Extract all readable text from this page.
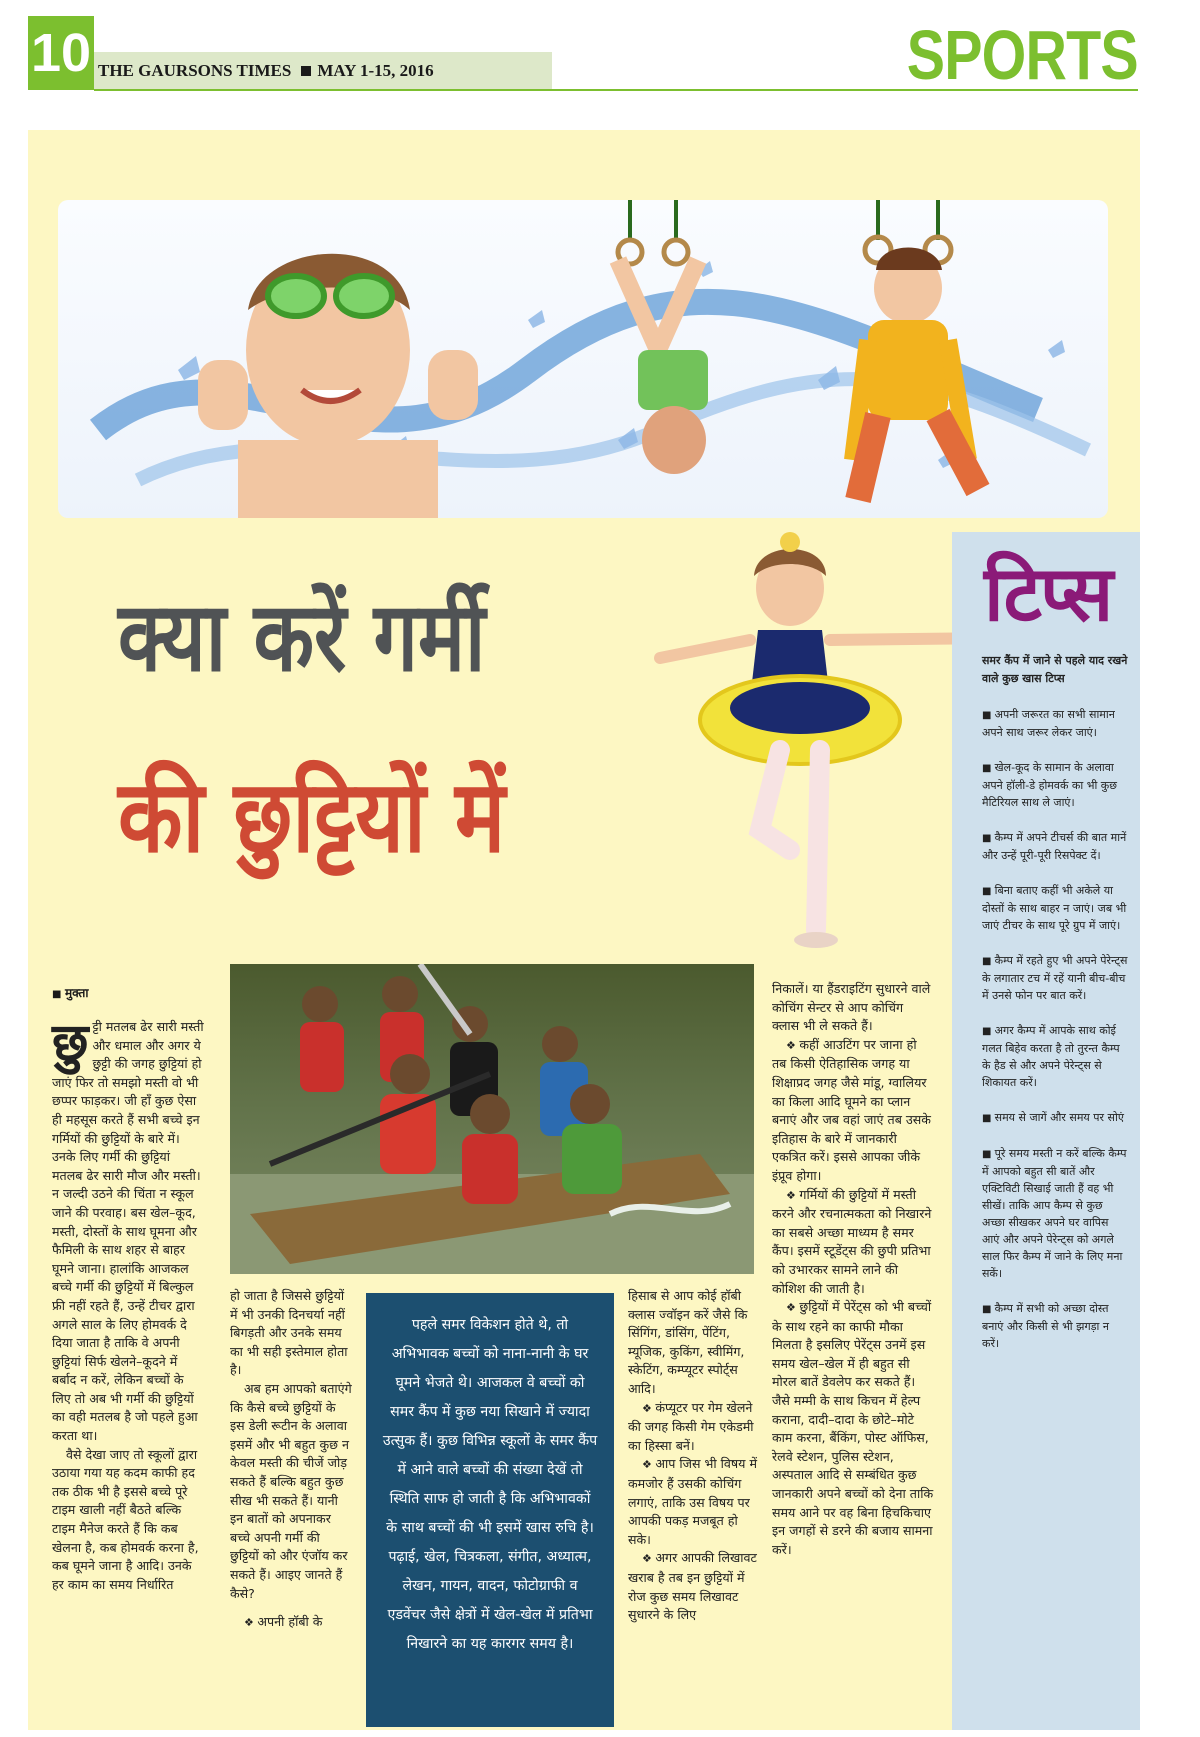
10 THE GAURSONS TIMES MAY 1-15, 2016	SPORTS
क्या करें गर्मी
की छुट्टियों में
टिप्स
समर कैंप में जाने से पहले याद रखने वाले कुछ खास टिप्स
■ अपनी जरूरत का सभी सामान अपने साथ जरूर लेकर जाएं।
■ खेल-कूद के सामान के अलावा अपने हॉली-डे होमवर्क का भी कुछ मैटिरियल साथ ले जाएं।
■ कैम्प में अपने टीचर्स की बात मानें और उन्हें पूरी-पूरी रिसपेक्ट दें।
■ बिना बताए कहीं भी अकेले या दोस्तों के साथ बाहर न जाएं। जब भी जाएं टीचर के साथ पूरे ग्रुप में जाएं।
■ कैम्प में रहते हुए भी अपने पेरेन्ट्स के लगातार टच में रहें यानी बीच-बीच में उनसे फोन पर बात करें।
■ अगर कैम्प में आपके साथ कोई गलत बिहेव करता है तो तुरन्त कैम्प के हैड से और अपने पेरेन्ट्स से शिकायत करें।
■ समय से जागें और समय पर सोएं
■ पूरे समय मस्ती न करें बल्कि कैम्प में आपको बहुत सी बातें और एक्टिविटी सिखाई जाती हैं वह भी सीखें। ताकि आप कैम्प से कुछ अच्छा सीखकर अपने घर वापिस आएं और अपने पेरेन्ट्स को अगले साल फिर कैम्प में जाने के लिए मना सकें।
■ कैम्प में सभी को अच्छा दोस्त बनाएं और किसी से भी झगड़ा न करें।
■ मुक्ता

छुट्टी मतलब ढेर सारी मस्ती और धमाल और अगर ये छुट्टी की जगह छुट्टियां हो जाएं फिर तो समझो मस्ती वो भी छप्पर फाड़कर। जी हाँ कुछ ऐसा ही महसूस करते हैं सभी बच्चे इन गर्मियों की छुट्टियों के बारे में। उनके लिए गर्मी की छुट्टियां मतलब ढेर सारी मौज और मस्ती। न जल्दी उठने की चिंता न स्कूल जाने की परवाह। बस खेल–कूद, मस्ती, दोस्तों के साथ घूमना और फैमिली के साथ शहर से बाहर घूमने जाना। हालांकि आजकल बच्चे गर्मी की छुट्टियों में बिल्कुल फ्री नहीं रहते हैं, उन्हें टीचर द्वारा अगले साल के लिए होमवर्क दे दिया जाता है ताकि वे अपनी छुट्टियां सिर्फ खेलने–कूदने में बर्बाद न करें, लेकिन बच्चों के लिए तो अब भी गर्मी की छुट्टियों का वही मतलब है जो पहले हुआ करता था।

वैसे देखा जाए तो स्कूलों द्वारा उठाया गया यह कदम काफी हद तक ठीक भी है इससे बच्चे पूरे टाइम खाली नहीं बैठते बल्कि टाइम मैनेज करते हैं कि कब खेलना है, कब होमवर्क करना है, कब घूमने जाना है आदि। उनके हर काम का समय निर्धारित

हो जाता है जिससे छुट्टियों में भी उनकी दिनचर्या नहीं बिगड़ती और उनके समय का भी सही इस्तेमाल होता है।

अब हम आपको बताएंगे कि कैसे बच्चे छुट्टियों के इस डेली रूटीन के अलावा इसमें और भी बहुत कुछ न केवल मस्ती की चीजें जोड़ सकते हैं बल्कि बहुत कुछ सीख भी सकते हैं। यानी इन बातों को अपनाकर बच्चे अपनी गर्मी की छुट्टियों को और एंजॉय कर सकते हैं। आइए जानते हैं कैसे?

❖ अपनी हॉबी के

पहले समर विकेशन होते थे, तो अभिभावक बच्चों को नाना-नानी के घर घूमने भेजते थे। आजकल वे बच्चों को समर कैंप में कुछ नया सिखाने में ज्यादा उत्सुक हैं। कुछ विभिन्न स्कूलों के समर कैंप में आने वाले बच्चों की संख्या देखें तो स्थिति साफ हो जाती है कि अभिभावकों के साथ बच्चों की भी इसमें खास रुचि है। पढ़ाई, खेल, चित्रकला, संगीत, अध्यात्म, लेखन, गायन, वादन, फोटोग्राफी व एडवेंचर जैसे क्षेत्रों में खेल-खेल में प्रतिभा निखारने का यह कारगर समय है।

हिसाब से आप कोई हॉबी क्लास ज्वॉइन करें जैसे कि सिंगिंग, डांसिंग, पेंटिंग, म्यूजिक, कुकिंग, स्वीमिंग, स्केटिंग, कम्प्यूटर स्पोर्ट्स आदि।

❖ कंप्यूटर पर गेम खेलने की जगह किसी गेम एकेडमी का हिस्सा बनें।

❖ आप जिस भी विषय में कमजोर हैं उसकी कोचिंग लगाएं, ताकि उस विषय पर आपकी पकड़ मजबूत हो सके।

❖ अगर आपकी लिखावट खराब है तब इन छुट्टियों में रोज कुछ समय लिखावट सुधारने के लिए

निकालें। या हैंडराइटिंग सुधारने वाले कोचिंग सेन्टर से आप कोचिंग क्लास भी ले सकते हैं।

❖ कहीं आउटिंग पर जाना हो तब किसी ऐतिहासिक जगह या शिक्षाप्रद जगह जैसे मांडू, ग्वालियर का किला आदि घूमने का प्लान बनाएं और जब वहां जाएं तब उसके इतिहास के बारे में जानकारी एकत्रित करें। इससे आपका जीके इंप्रूव होगा।

❖ गर्मियों की छुट्टियों में मस्ती करने और रचनात्मकता को निखारने का सबसे अच्छा माध्यम है समर कैंप। इसमें स्टूडेंट्स की छुपी प्रतिभा को उभारकर सामने लाने की कोशिश की जाती है।

❖ छुट्टियों में पेरेंट्स को भी बच्चों के साथ रहने का काफी मौका मिलता है इसलिए पेरेंट्स उनमें इस समय खेल–खेल में ही बहुत सी मोरल बातें डेवलेप कर सकते हैं। जैसे मम्मी के साथ किचन में हेल्प कराना, दादी–दादा के छोटे–मोटे काम करना, बैंकिंग, पोस्ट ऑफिस, रेलवे स्टेशन, पुलिस स्टेशन, अस्पताल आदि से सम्बंधित कुछ जानकारी अपने बच्चों को देना ताकि समय आने पर वह बिना हिचकिचाए इन जगहों से डरने की बजाय सामना करें।
